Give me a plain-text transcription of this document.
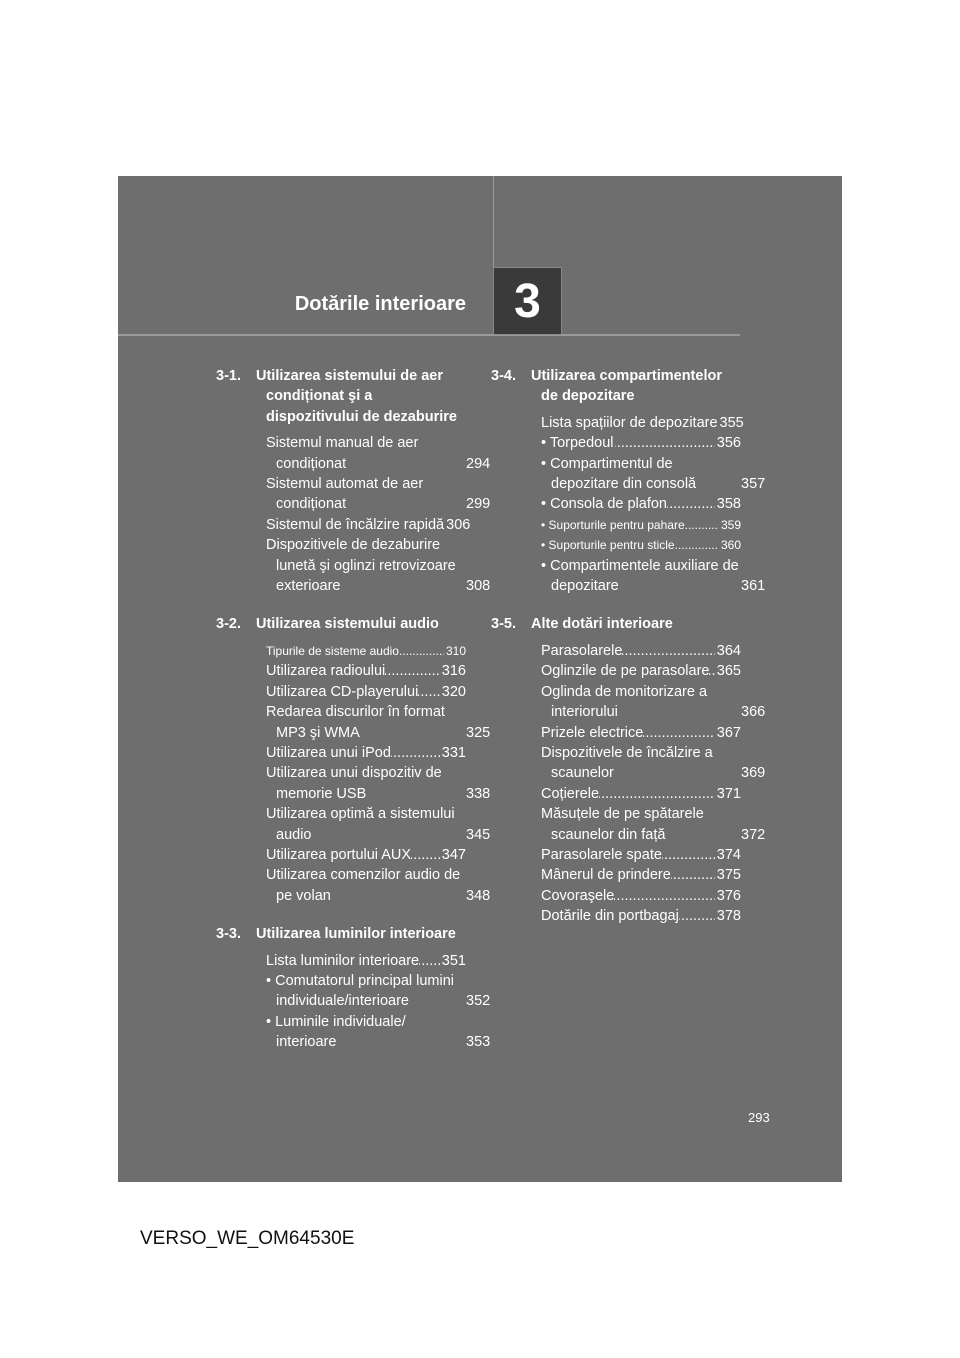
Dotările interioare 3
3-1.	Utilizarea sistemului de aer condiționat şi a dispozitivului de dezaburire
Sistemul manual de aer condiționat	294
Sistemul automat de aer condiționat	299
Sistemul de încălzire rapidă 306
Dispozitivele de dezaburire lunetă şi oglinzi retrovizoare exterioare	308
3-2.	Utilizarea sistemului audio
Tipurile de sisteme audio .....	310
Utilizarea radioului .....	316
Utilizarea CD-playerului ..... 320
Redarea discurilor în format MP3 şi WMA	325
Utilizarea unui iPod .....	331
Utilizarea unui dispozitiv de memorie USB	338
Utilizarea optimă a sistemului audio	345
Utilizarea portului AUX ..... 347
Utilizarea comenzilor audio de pe volan	348
3-3.	Utilizarea luminilor interioare
Lista luminilor interioare ..... 351
• Comutatorul principal lumini individuale/interioare	352
• Luminile individuale/ interioare	353
3-4.	Utilizarea compartimentelor de depozitare
Lista spațiilor de depozitare 355
• Torpedoul .....	356
• Compartimentul de depozitare din consolă	357
• Consola de plafon .....	358
• Suporturile pentru pahare .....	359
• Suporturile pentru sticle .....	360
• Compartimentele auxiliare de depozitare	361
3-5.	Alte dotări interioare
Parasolarele .....	364
Oglinzile de pe parasolare ..... 365
Oglinda de monitorizare a interiorului	366
Prizele electrice .....	367
Dispozitivele de încălzire a scaunelor	369
Coțierele .....	371
Măsuțele de pe spătarele scaunelor din față	372
Parasolarele spate .....	374
Mânerul de prindere .....	375
Covoraşele .....	376
Dotările din portbagaj .....	378
293
VERSO_WE_OM64530E
